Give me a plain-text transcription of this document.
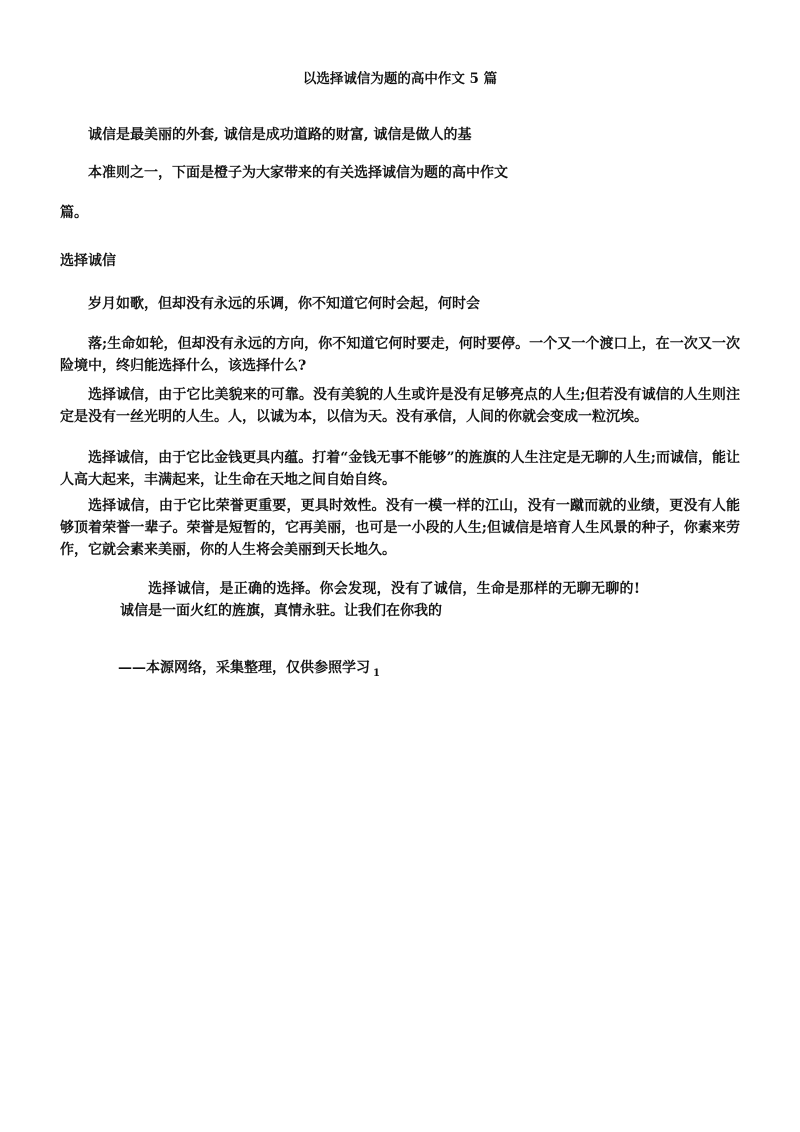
以选择诚信为题的高中作文 5 篇

诚信是最美丽的外套, 诚信是成功道路的财富, 诚信是做人的基

本准则之一，下面是橙子为大家带来的有关选择诚信为题的高中作文

篇。

选择诚信

岁月如歌，但却没有永远的乐调，你不知道它何时会起，何时会

落;生命如轮，但却没有永远的方向，你不知道它何时要走，何时要停。一个又一个渡口上，在一次又一次险境中，终归能选择什么，该选择什么?

选择诚信，由于它比美貌来的可靠。没有美貌的人生或许是没有足够亮点的人生;但若没有诚信的人生则注定是没有一丝光明的人生。人，以诚为本，以信为天。没有承信，人间的你就会变成一粒沉埃。

选择诚信，由于它比金钱更具内蕴。打着“金钱无事不能够”的旌旗的人生注定是无聊的人生;而诚信，能让人高大起来，丰满起来，让生命在天地之间自始自终。

选择诚信，由于它比荣誉更重要，更具时效性。没有一模一样的江山，没有一蹴而就的业绩，更没有人能够顶着荣誉一辈子。荣誉是短暂的，它再美丽，也可是一小段的人生;但诚信是培育人生风景的种子，你素来劳作，它就会素来美丽，你的人生将会美丽到天长地久。

选择诚信，是正确的选择。你会发现，没有了诚信，生命是那样的无聊无聊的!诚信是一面火红的旌旗，真情永驻。让我们在你我的

——本源网络，采集整理，仅供参照学习 $_1$
